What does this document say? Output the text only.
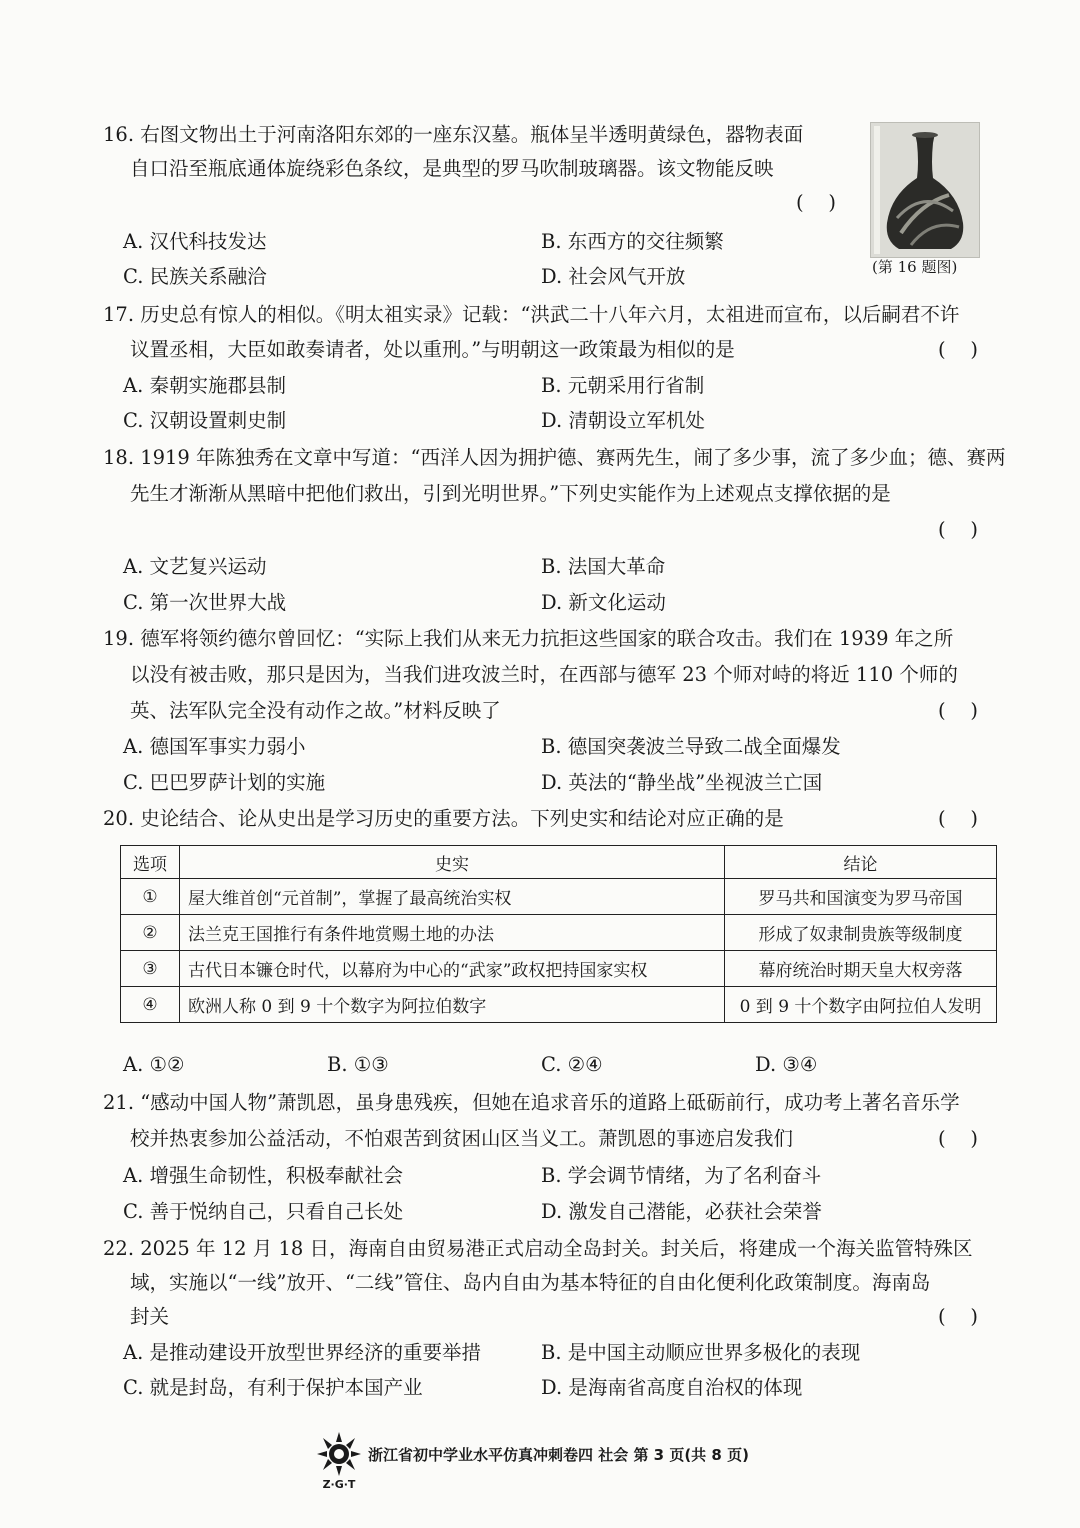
16. 右图文物出土于河南洛阳东郊的一座东汉墓。瓶体呈半透明黄绿色，器物表面
自口沿至瓶底通体旋绕彩色条纹，是典型的罗马吹制玻璃器。该文物能反映
(    )
A. 汉代科技发达	B. 东西方的交往频繁
C. 民族关系融洽	D. 社会风气开放	(第 16 题图)
17. 历史总有惊人的相似。《明太祖实录》记载：“洪武二十八年六月，太祖进而宣布，以后嗣君不许
议置丞相，大臣如敢奏请者，处以重刑。”与明朝这一政策最为相似的是	(    )
A. 秦朝实施郡县制	B. 元朝采用行省制
C. 汉朝设置刺史制	D. 清朝设立军机处
18. 1919 年陈独秀在文章中写道：“西洋人因为拥护德、赛两先生，闹了多少事，流了多少血；德、赛两
先生才渐渐从黑暗中把他们救出，引到光明世界。”下列史实能作为上述观点支撑依据的是
(    )
A. 文艺复兴运动	B. 法国大革命
C. 第一次世界大战	D. 新文化运动
19. 德军将领约德尔曾回忆：“实际上我们从来无力抗拒这些国家的联合攻击。我们在 1939 年之所
以没有被击败，那只是因为，当我们进攻波兰时，在西部与德军 23 个师对峙的将近 110 个师的
英、法军队完全没有动作之故。”材料反映了	(    )
A. 德国军事实力弱小	B. 德国突袭波兰导致二战全面爆发
C. 巴巴罗萨计划的实施	D. 英法的“静坐战”坐视波兰亡国
20. 史论结合、论从史出是学习历史的重要方法。下列史实和结论对应正确的是	(    )
选项	史实	结论
①	屋大维首创“元首制”，掌握了最高统治实权	罗马共和国演变为罗马帝国
②	法兰克王国推行有条件地赏赐土地的办法	形成了奴隶制贵族等级制度
③	古代日本镰仓时代，以幕府为中心的“武家”政权把持国家实权	幕府统治时期天皇大权旁落
④	欧洲人称 0 到 9 十个数字为阿拉伯数字	0 到 9 十个数字由阿拉伯人发明
A. ①②	B. ①③	C. ②④	D. ③④
21. “感动中国人物”萧凯恩，虽身患残疾，但她在追求音乐的道路上砥砺前行，成功考上著名音乐学
校并热衷参加公益活动，不怕艰苦到贫困山区当义工。萧凯恩的事迹启发我们	(    )
A. 增强生命韧性，积极奉献社会	B. 学会调节情绪，为了名利奋斗
C. 善于悦纳自己，只看自己长处	D. 激发自己潜能，必获社会荣誉
22. 2025 年 12 月 18 日，海南自由贸易港正式启动全岛封关。封关后，将建成一个海关监管特殊区
域，实施以“一线”放开、“二线”管住、岛内自由为基本特征的自由化便利化政策制度。海南岛
封关	(    )
A. 是推动建设开放型世界经济的重要举措	B. 是中国主动顺应世界多极化的表现
C. 就是封岛，有利于保护本国产业	D. 是海南省高度自治权的体现
Z·G·T
浙江省初中学业水平仿真冲刺卷四 社会 第 3 页(共 8 页)
